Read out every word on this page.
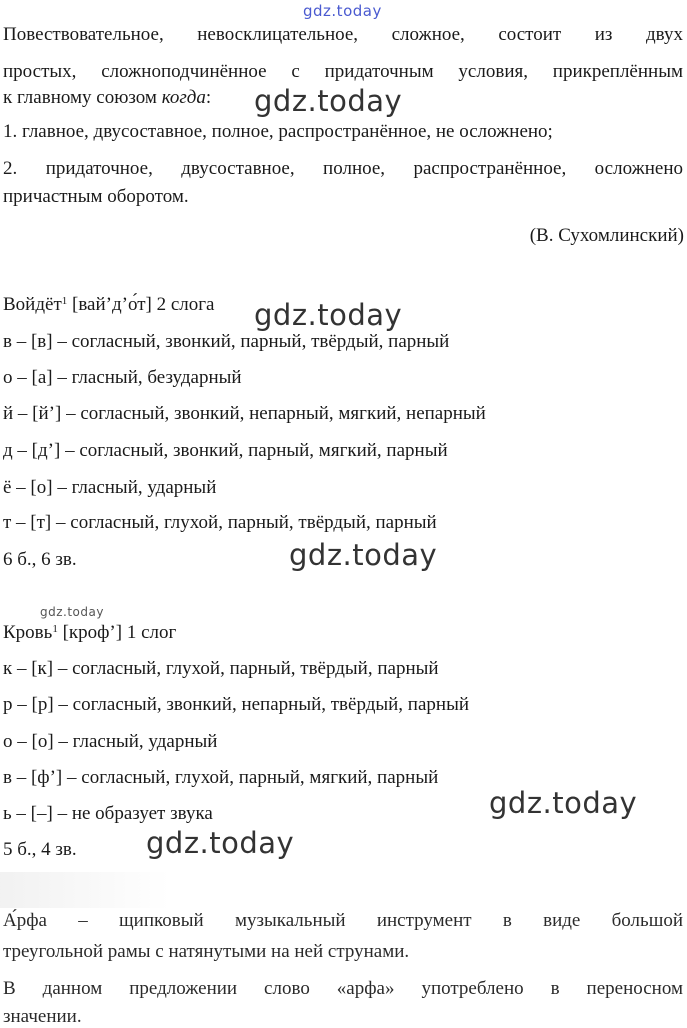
gdz.today
Повествовательное, невосклицательное, сложное, состоит из двух
простых, сложноподчинённое с придаточным условия, прикреплённым
к главному союзом когда: gdz.today
1. главное, двусоставное, полное, распространённое, не осложнено;
2. придаточное, двусоставное, полное, распространённое, осложнено
причастным оборотом.
(В. Сухомлинский)
Войдёт$^1$ [вай’д’о́т] 2 слога gdz.today
в – [в] – согласный, звонкий, парный, твёрдый, парный
о – [а] – гласный, безударный
й – [й’] – согласный, звонкий, непарный, мягкий, непарный
д – [д’] – согласный, звонкий, парный, мягкий, парный
ё – [о] – гласный, ударный
т – [т] – согласный, глухой, парный, твёрдый, парный
6 б., 6 зв.	gdz.today
gdz.today
Кровь$^1$ [кроф’] 1 слог
к – [к] – согласный, глухой, парный, твёрдый, парный
р – [р] – согласный, звонкий, непарный, твёрдый, парный
о – [о] – гласный, ударный
в – [ф’] – согласный, глухой, парный, мягкий, парный
gdz.today
ь – [–] – не образует звука
5 б., 4 зв. gdz.today
А́рфа – щипковый музыкальный инструмент в виде большой
треугольной рамы с натянутыми на ней струнами.
В данном предложении слово «арфа» употреблено в переносном
значении.
